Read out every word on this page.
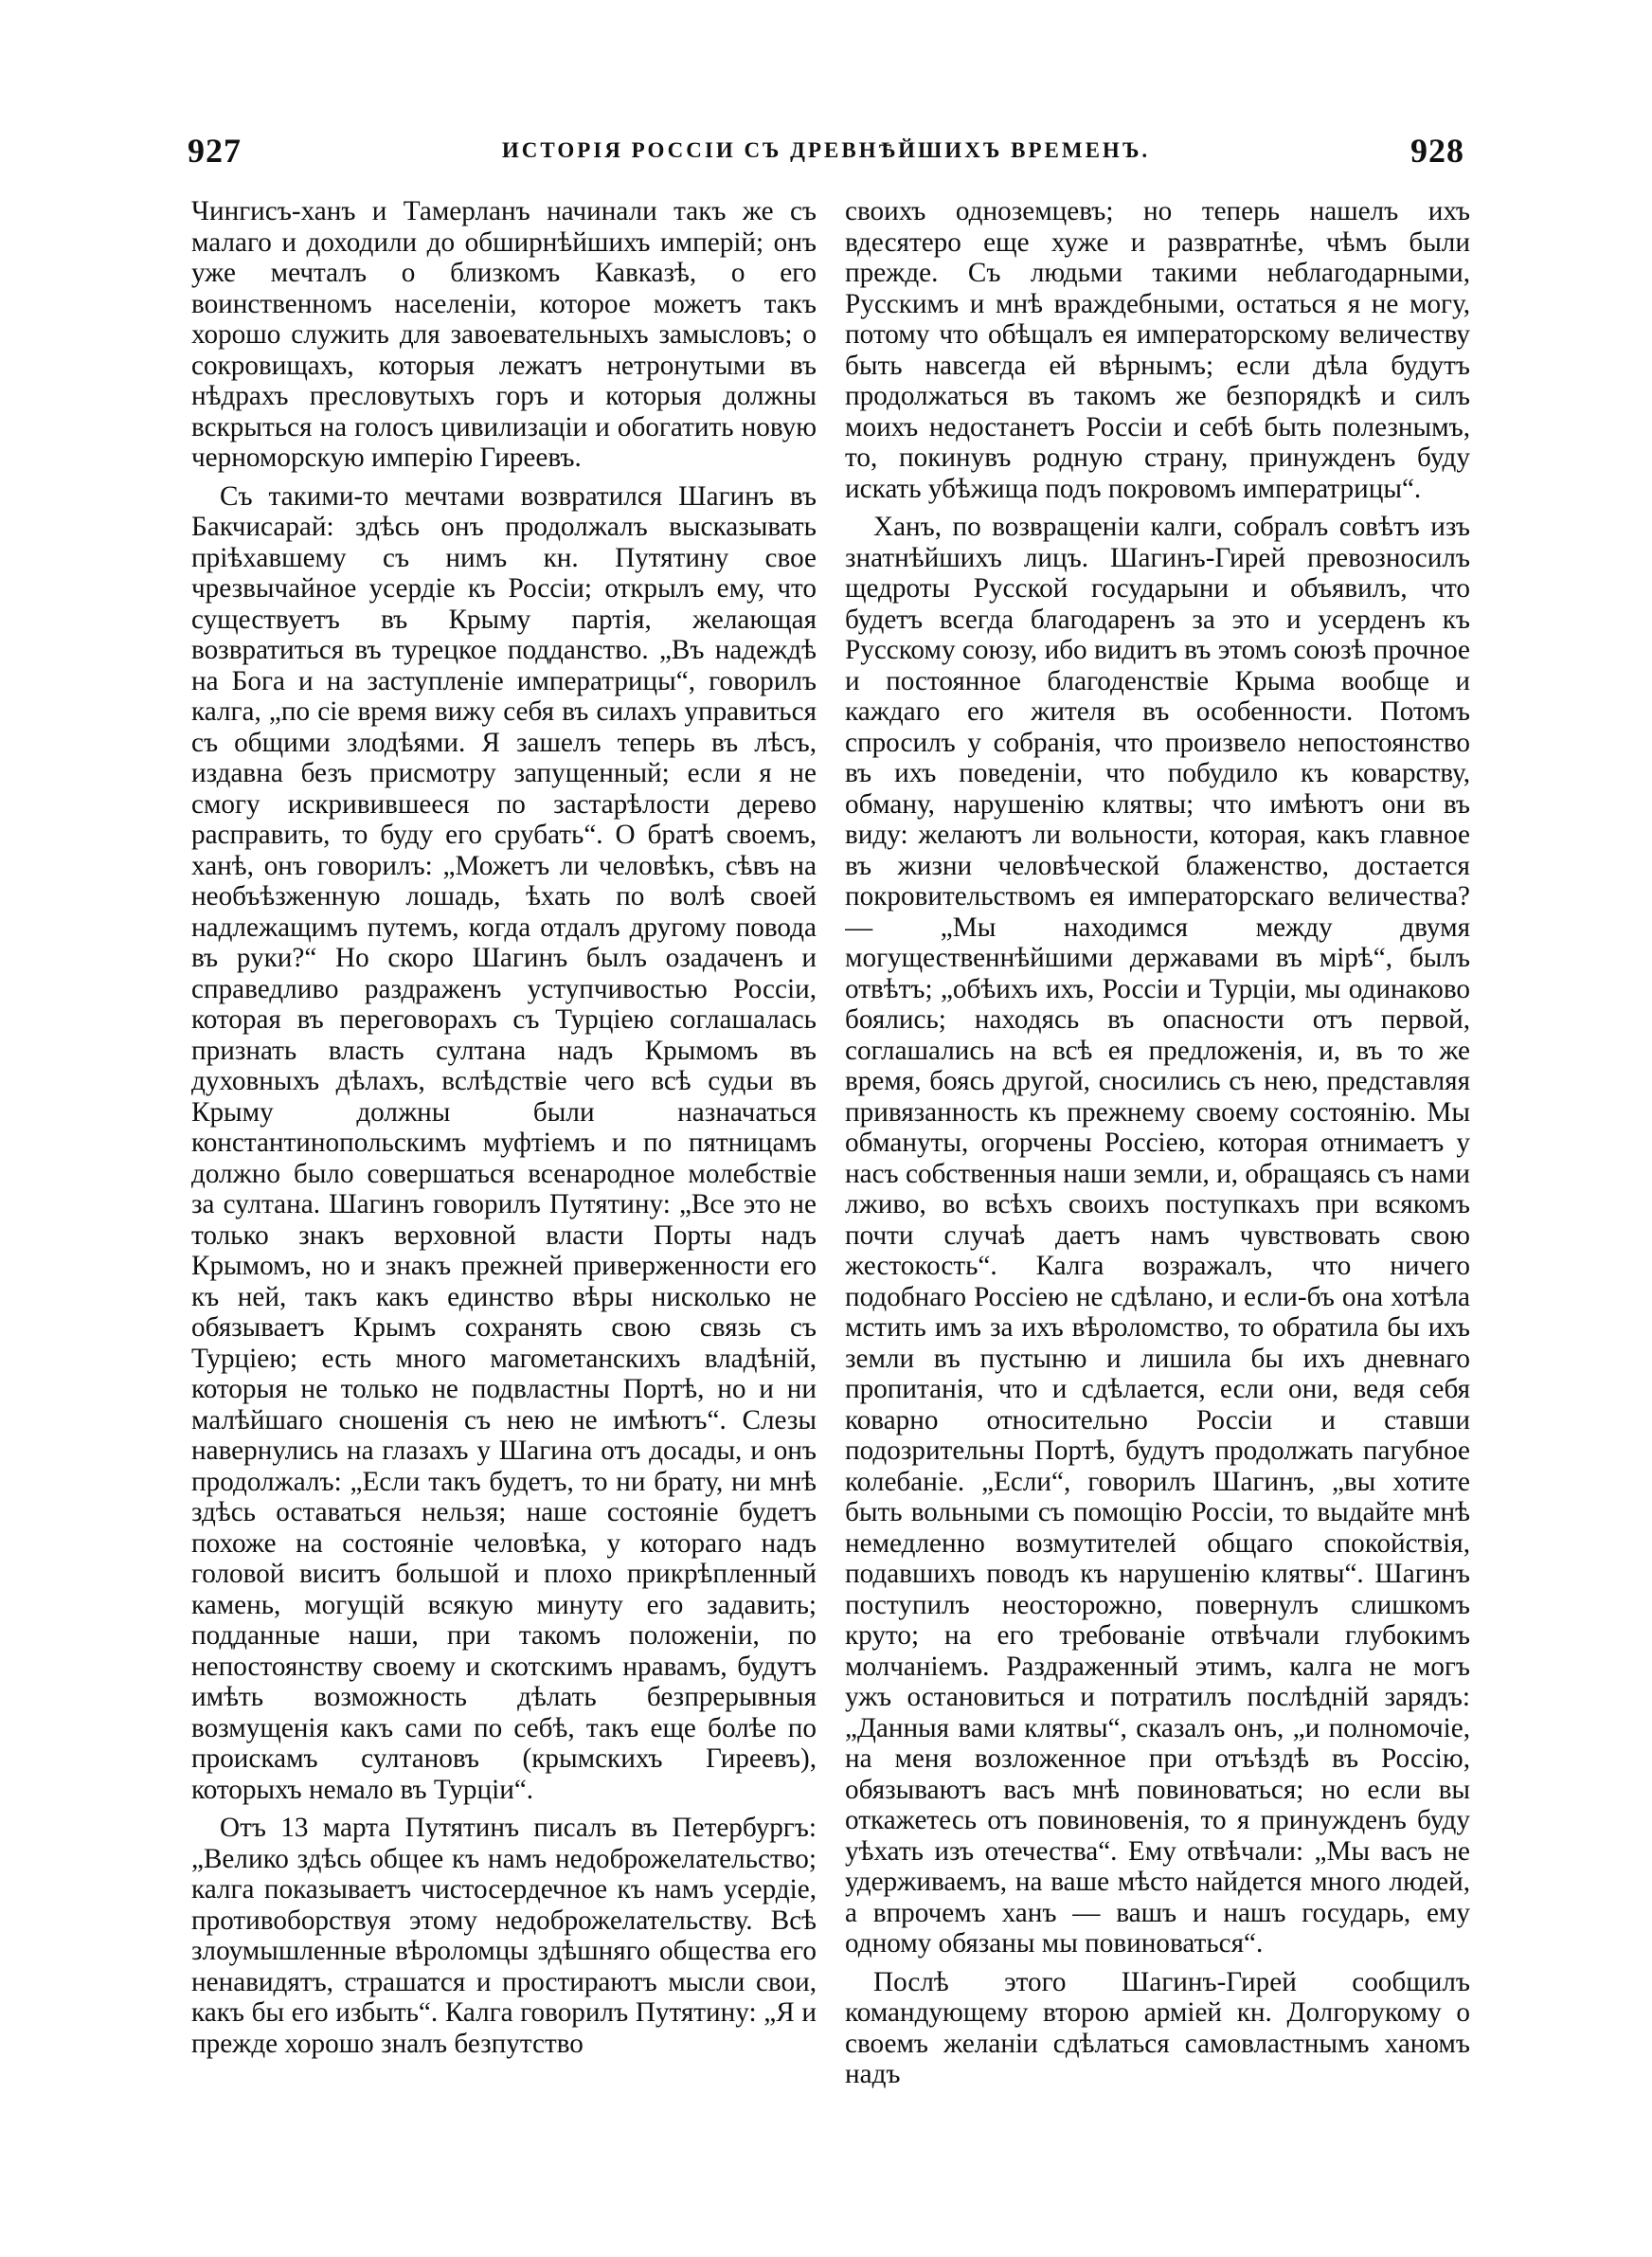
927	ИСТОРІЯ РОССІИ СЪ ДРЕВНѢЙШИХЪ ВРЕМЕНЪ.	928

Чингисъ-ханъ и Тамерланъ начинали такъ же съ малаго и доходили до обширнѣйшихъ имперій; онъ уже мечталъ о близкомъ Кавказѣ, о его воинственномъ населеніи, которое можетъ такъ хорошо служить для завоевательныхъ замысловъ; о сокровищахъ, которыя лежатъ нетронутыми въ нѣдрахъ пресловутыхъ горъ и которыя должны вскрыться на голосъ цивилизаціи и обогатить новую черноморскую имперію Гиреевъ.

Съ такими-то мечтами возвратился Шагинъ въ Бакчисарай: здѣсь онъ продолжалъ высказывать пріѣхавшему съ нимъ кн. Путятину свое чрезвычайное усердіе къ Россіи; открылъ ему, что существуетъ въ Крыму партія, желающая возвратиться въ турецкое подданство. „Въ надеждѣ на Бога и на заступленіе императрицы“, говорилъ калга, „по сіе время вижу себя въ силахъ управиться съ общими злодѣями. Я зашелъ теперь въ лѣсъ, издавна безъ присмотру запущенный; если я не смогу искривившееся по застарѣлости дерево расправить, то буду его срубать“. О братѣ своемъ, ханѣ, онъ говорилъ: „Можетъ ли человѣкъ, сѣвъ на необъѣзженную лошадь, ѣхать по волѣ своей надлежащимъ путемъ, когда отдалъ другому повода въ руки?“ Но скоро Шагинъ былъ озадаченъ и справедливо раздраженъ уступчивостью Россіи, которая въ переговорахъ съ Турціею соглашалась признать власть султана надъ Крымомъ въ духовныхъ дѣлахъ, вслѣдствіе чего всѣ судьи въ Крыму должны были назначаться константинопольскимъ муфтіемъ и по пятницамъ должно было совершаться всенародное молебствіе за султана. Шагинъ говорилъ Путятину: „Все это не только знакъ верховной власти Порты надъ Крымомъ, но и знакъ прежней приверженности его къ ней, такъ какъ единство вѣры нисколько не обязываетъ Крымъ сохранять свою связь съ Турціею; есть много магометанскихъ владѣній, которыя не только не подвластны Портѣ, но и ни малѣйшаго сношенія съ нею не имѣютъ“. Слезы навернулись на глазахъ у Шагина отъ досады, и онъ продолжалъ: „Если такъ будетъ, то ни брату, ни мнѣ здѣсь оставаться нельзя; наше состояніе будетъ похоже на состояніе человѣка, у котораго надъ головой виситъ большой и плохо прикрѣпленный камень, могущій всякую минуту его задавить; подданные наши, при такомъ положеніи, по непостоянству своему и скотскимъ нравамъ, будутъ имѣть возможность дѣлать безпрерывныя возмущенія какъ сами по себѣ, такъ еще болѣе по проискамъ султановъ (крымскихъ Гиреевъ), которыхъ немало въ Турціи“.

Отъ 13 марта Путятинъ писалъ въ Петербургъ: „Велико здѣсь общее къ намъ недоброжелательство; калга показываетъ чистосердечное къ намъ усердіе, противоборствуя этому недоброжелательству. Всѣ злоумышленные вѣроломцы здѣшняго общества его ненавидятъ, страшатся и простираютъ мысли свои, какъ бы его избыть“. Калга говорилъ Путятину: „Я и прежде хорошо зналъ безпутство

своихъ одноземцевъ; но теперь нашелъ ихъ вдесятеро еще хуже и развратнѣе, чѣмъ были прежде. Съ людьми такими неблагодарными, Русскимъ и мнѣ враждебными, остаться я не могу, потому что обѣщалъ ея императорскому величеству быть навсегда ей вѣрнымъ; если дѣла будутъ продолжаться въ такомъ же безпорядкѣ и силъ моихъ недостанетъ Россіи и себѣ быть полезнымъ, то, покинувъ родную страну, принужденъ буду искать убѣжища подъ покровомъ императрицы“.

Ханъ, по возвращеніи калги, собралъ совѣтъ изъ знатнѣйшихъ лицъ. Шагинъ-Гирей превозносилъ щедроты Русской государыни и объявилъ, что будетъ всегда благодаренъ за это и усерденъ къ Русскому союзу, ибо видитъ въ этомъ союзѣ прочное и постоянное благоденствіе Крыма вообще и каждаго его жителя въ особенности. Потомъ спросилъ у собранія, что произвело непостоянство въ ихъ поведеніи, что побудило къ коварству, обману, нарушенію клятвы; что имѣютъ они въ виду: желаютъ ли вольности, которая, какъ главное въ жизни человѣческой блаженство, достается покровительствомъ ея императорскаго величества? — „Мы находимся между двумя могущественнѣйшими державами въ мірѣ“, былъ отвѣтъ; „обѣихъ ихъ, Россіи и Турціи, мы одинаково боялись; находясь въ опасности отъ первой, соглашались на всѣ ея предложенія, и, въ то же время, боясь другой, сносились съ нею, представляя привязанность къ прежнему своему состоянію. Мы обмануты, огорчены Россіею, которая отнимаетъ у насъ собственныя наши земли, и, обращаясь съ нами лживо, во всѣхъ своихъ поступкахъ при всякомъ почти случаѣ даетъ намъ чувствовать свою жестокость“. Калга возражалъ, что ничего подобнаго Россіею не сдѣлано, и если-бъ она хотѣла мстить имъ за ихъ вѣроломство, то обратила бы ихъ земли въ пустыню и лишила бы ихъ дневнаго пропитанія, что и сдѣлается, если они, ведя себя коварно относительно Россіи и ставши подозрительны Портѣ, будутъ продолжать пагубное колебаніе. „Если“, говорилъ Шагинъ, „вы хотите быть вольными съ помощію Россіи, то выдайте мнѣ немедленно возмутителей общаго спокойствія, подавшихъ поводъ къ нарушенію клятвы“. Шагинъ поступилъ неосторожно, повернулъ слишкомъ круто; на его требованіе отвѣчали глубокимъ молчаніемъ. Раздраженный этимъ, калга не могъ ужъ остановиться и потратилъ послѣдній зарядъ: „Данныя вами клятвы“, сказалъ онъ, „и полномочіе, на меня возложенное при отъѣздѣ въ Россію, обязываютъ васъ мнѣ повиноваться; но если вы откажетесь отъ повиновенія, то я принужденъ буду уѣхать изъ отечества“. Ему отвѣчали: „Мы васъ не удерживаемъ, на ваше мѣсто найдется много людей, а впрочемъ ханъ — вашъ и нашъ государь, ему одному обязаны мы повиноваться“.

Послѣ этого Шагинъ-Гирей сообщилъ командующему второю арміей кн. Долгорукому о своемъ желаніи сдѣлаться самовластнымъ ханомъ надъ
